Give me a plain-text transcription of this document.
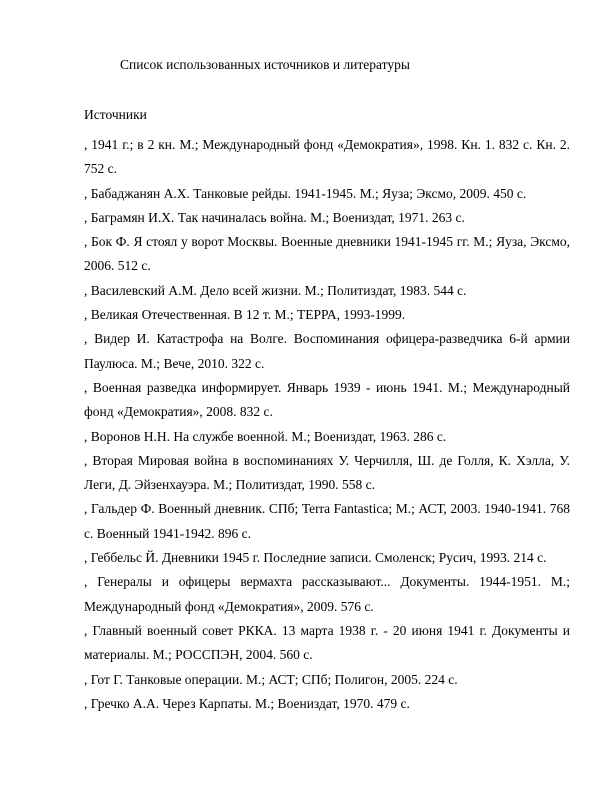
Список использованных источников и литературы
Источники
, 1941 г.; в 2 кн. М.; Международный фонд «Демократия», 1998. Кн. 1. 832 с. Кн. 2. 752 с.
, Бабаджанян А.Х. Танковые рейды. 1941-1945. М.; Яуза; Эксмо, 2009. 450 с.
, Баграмян И.Х. Так начиналась война. М.; Воениздат, 1971. 263 с.
, Бок Ф. Я стоял у ворот Москвы. Военные дневники 1941-1945 гг. М.; Яуза, Эксмо, 2006. 512 с.
, Василевский А.М. Дело всей жизни. М.; Политиздат, 1983. 544 с.
, Великая Отечественная. В 12 т. М.; ТЕРРА, 1993-1999.
, Видер И. Катастрофа на Волге. Воспоминания офицера-разведчика 6-й армии Паулюса. М.; Вече, 2010. 322 с.
, Военная разведка информирует. Январь 1939 - июнь 1941. М.; Международный фонд «Демократия», 2008. 832 с.
, Воронов Н.Н. На службе военной. М.; Воениздат, 1963. 286 с.
, Вторая Мировая война в воспоминаниях У. Черчилля, Ш. де Голля, К. Хэлла, У. Леги, Д. Эйзенхауэра. М.; Политиздат, 1990. 558 с.
, Гальдер Ф. Военный дневник. СПб; Terra Fantastica; М.; АСТ, 2003. 1940-1941. 768 с. Военный 1941-1942. 896 с.
, Геббельс Й. Дневники 1945 г. Последние записи. Смоленск; Русич, 1993. 214 с.
, Генералы и офицеры вермахта рассказывают... Документы. 1944-1951. М.; Международный фонд «Демократия», 2009. 576 с.
, Главный военный совет РККА. 13 марта 1938 г. - 20 июня 1941 г. Документы и материалы. М.; РОССПЭН, 2004. 560 с.
, Гот Г. Танковые операции. М.; АСТ; СПб; Полигон, 2005. 224 с.
, Гречко А.А. Через Карпаты. М.; Воениздат, 1970. 479 с.
